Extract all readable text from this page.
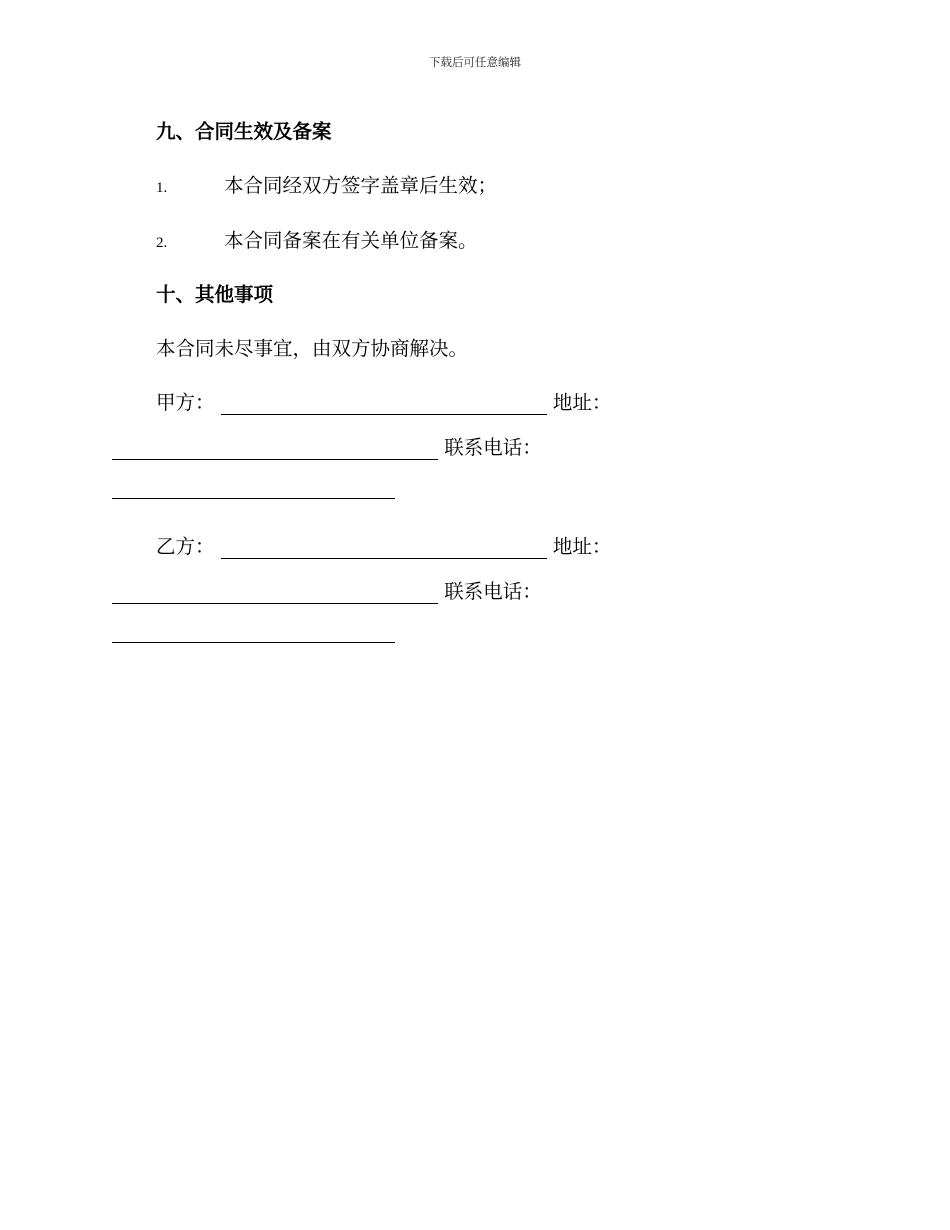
下载后可任意编辑
九、合同生效及备案
1.	本合同经双方签字盖章后生效；
2.	本合同备案在有关单位备案。
十、其他事项

本合同未尽事宜，由双方协商解决。

甲方：	地址：
联系电话：
乙方：	地址：
联系电话：
